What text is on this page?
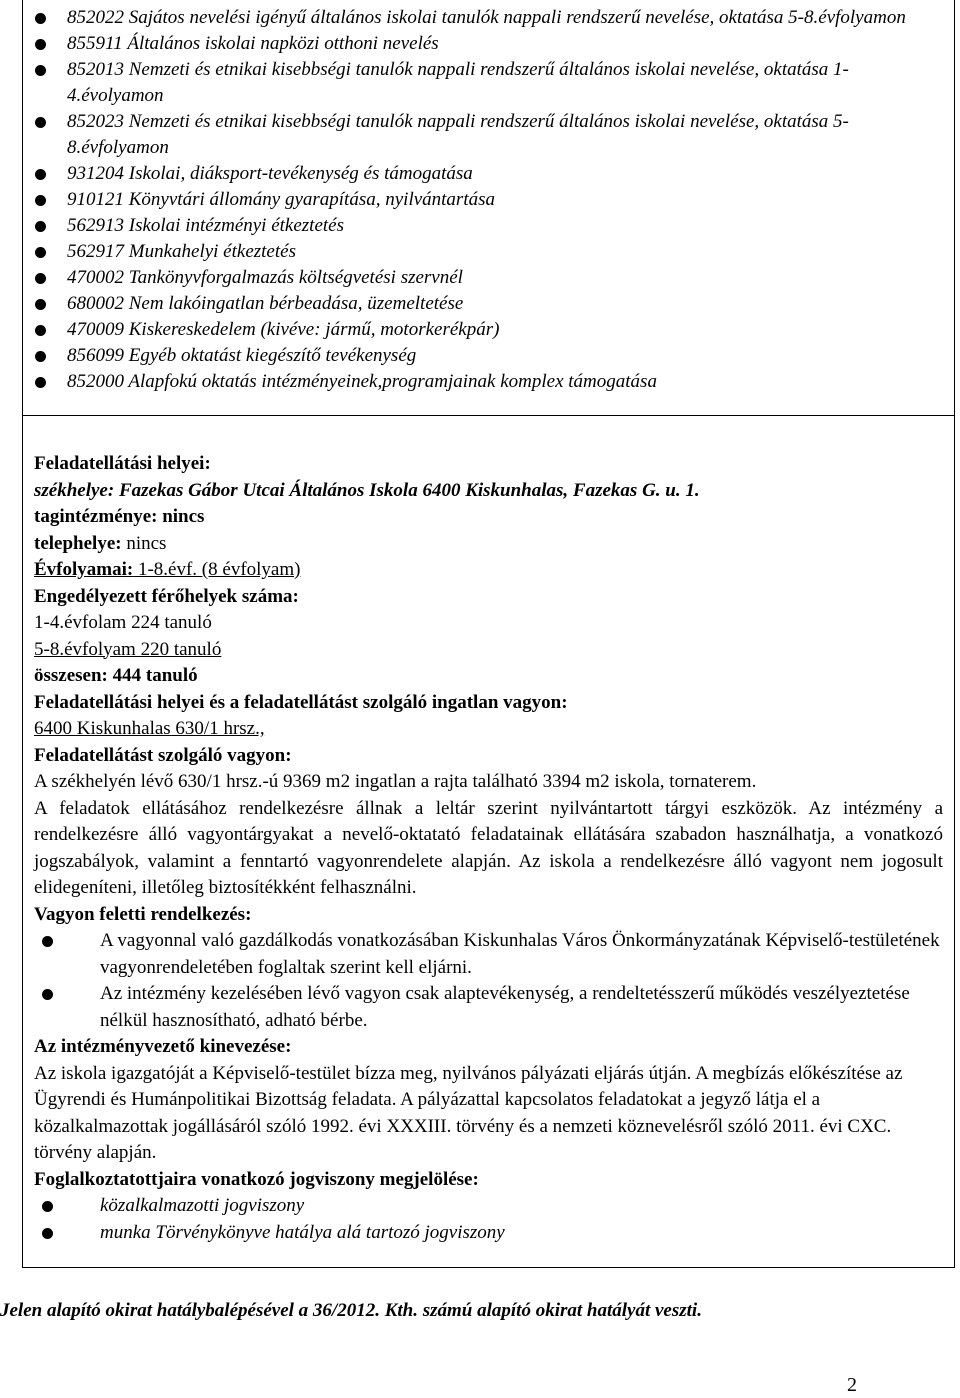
852022 Sajátos nevelési igényű általános iskolai tanulók nappali rendszerű nevelése, oktatása 5-8.évfolyamon
855911 Általános iskolai napközi otthoni nevelés
852013 Nemzeti és etnikai kisebbségi tanulók nappali rendszerű általános iskolai nevelése, oktatása 1-4.évolyamon
852023 Nemzeti és etnikai kisebbségi tanulók nappali rendszerű általános iskolai nevelése, oktatása 5-8.évfolyamon
931204 Iskolai, diáksport-tevékenység és támogatása
910121 Könyvtári állomány gyarapítása, nyilvántartása
562913 Iskolai intézményi étkeztetés
562917 Munkahelyi étkeztetés
470002 Tankönyvforgalmazás költségvetési szervnél
680002 Nem lakóingatlan bérbeadása, üzemeltetése
470009 Kiskereskedelem (kivéve: jármű, motorkerékpár)
856099 Egyéb oktatást kiegészítő tevékenység
852000 Alapfokú oktatás intézményeinek,programjainak komplex támogatása
Feladatellátási helyei:
székhelye: Fazekas Gábor Utcai Általános Iskola 6400 Kiskunhalas, Fazekas G. u. 1.
tagintézménye: nincs
telephelye: nincs
Évfolyamai: 1-8.évf. (8 évfolyam)
Engedélyezett férőhelyek száma:
1-4.évfolam 224 tanuló
5-8.évfolyam 220 tanuló
összesen: 444 tanuló
Feladatellátási helyei és a feladatellátást szolgáló ingatlan vagyon:
6400 Kiskunhalas 630/1 hrsz.,
Feladatellátást szolgáló vagyon:
A székhelyén lévő 630/1 hrsz.-ú 9369 m2 ingatlan a rajta található 3394 m2 iskola, tornaterem.
A feladatok ellátásához rendelkezésre állnak a leltár szerint nyilvántartott tárgyi eszközök. Az intézmény a rendelkezésre álló vagyontárgyakat a nevelő-oktatató feladatainak ellátására szabadon használhatja, a vonatkozó jogszabályok, valamint a fenntartó vagyonrendelete alapján. Az iskola a rendelkezésre álló vagyont nem jogosult elidegeníteni, illetőleg biztosítékként felhasználni.
Vagyon feletti rendelkezés:
A vagyonnal való gazdálkodás vonatkozásában Kiskunhalas Város Önkormányzatának Képviselő-testületének vagyonrendeletében foglaltak szerint kell eljárni.
Az intézmény kezelésében lévő vagyon csak alaptevékenység, a rendeltetésszerű működés veszélyeztetése nélkül hasznosítható, adható bérbe.
Az intézményvezető kinevezése:
Az iskola igazgatóját a Képviselő-testület bízza meg, nyilvános pályázati eljárás útján. A megbízás előkészítése az Ügyrendi és Humánpolitikai Bizottság feladata. A pályázattal kapcsolatos feladatokat a jegyző látja el a közalkalmazottak jogállásáról szóló 1992. évi XXXIII. törvény és a nemzeti köznevelésről szóló 2011. évi CXC. törvény alapján.
Foglalkoztatottjaira vonatkozó jogviszony megjelölése:
közalkalmazotti jogviszony
munka Törvénykönyve hatálya alá tartozó jogviszony
Jelen alapító okirat hatálybalépésével a 36/2012. Kth. számú alapító okirat hatályát veszti.
2
